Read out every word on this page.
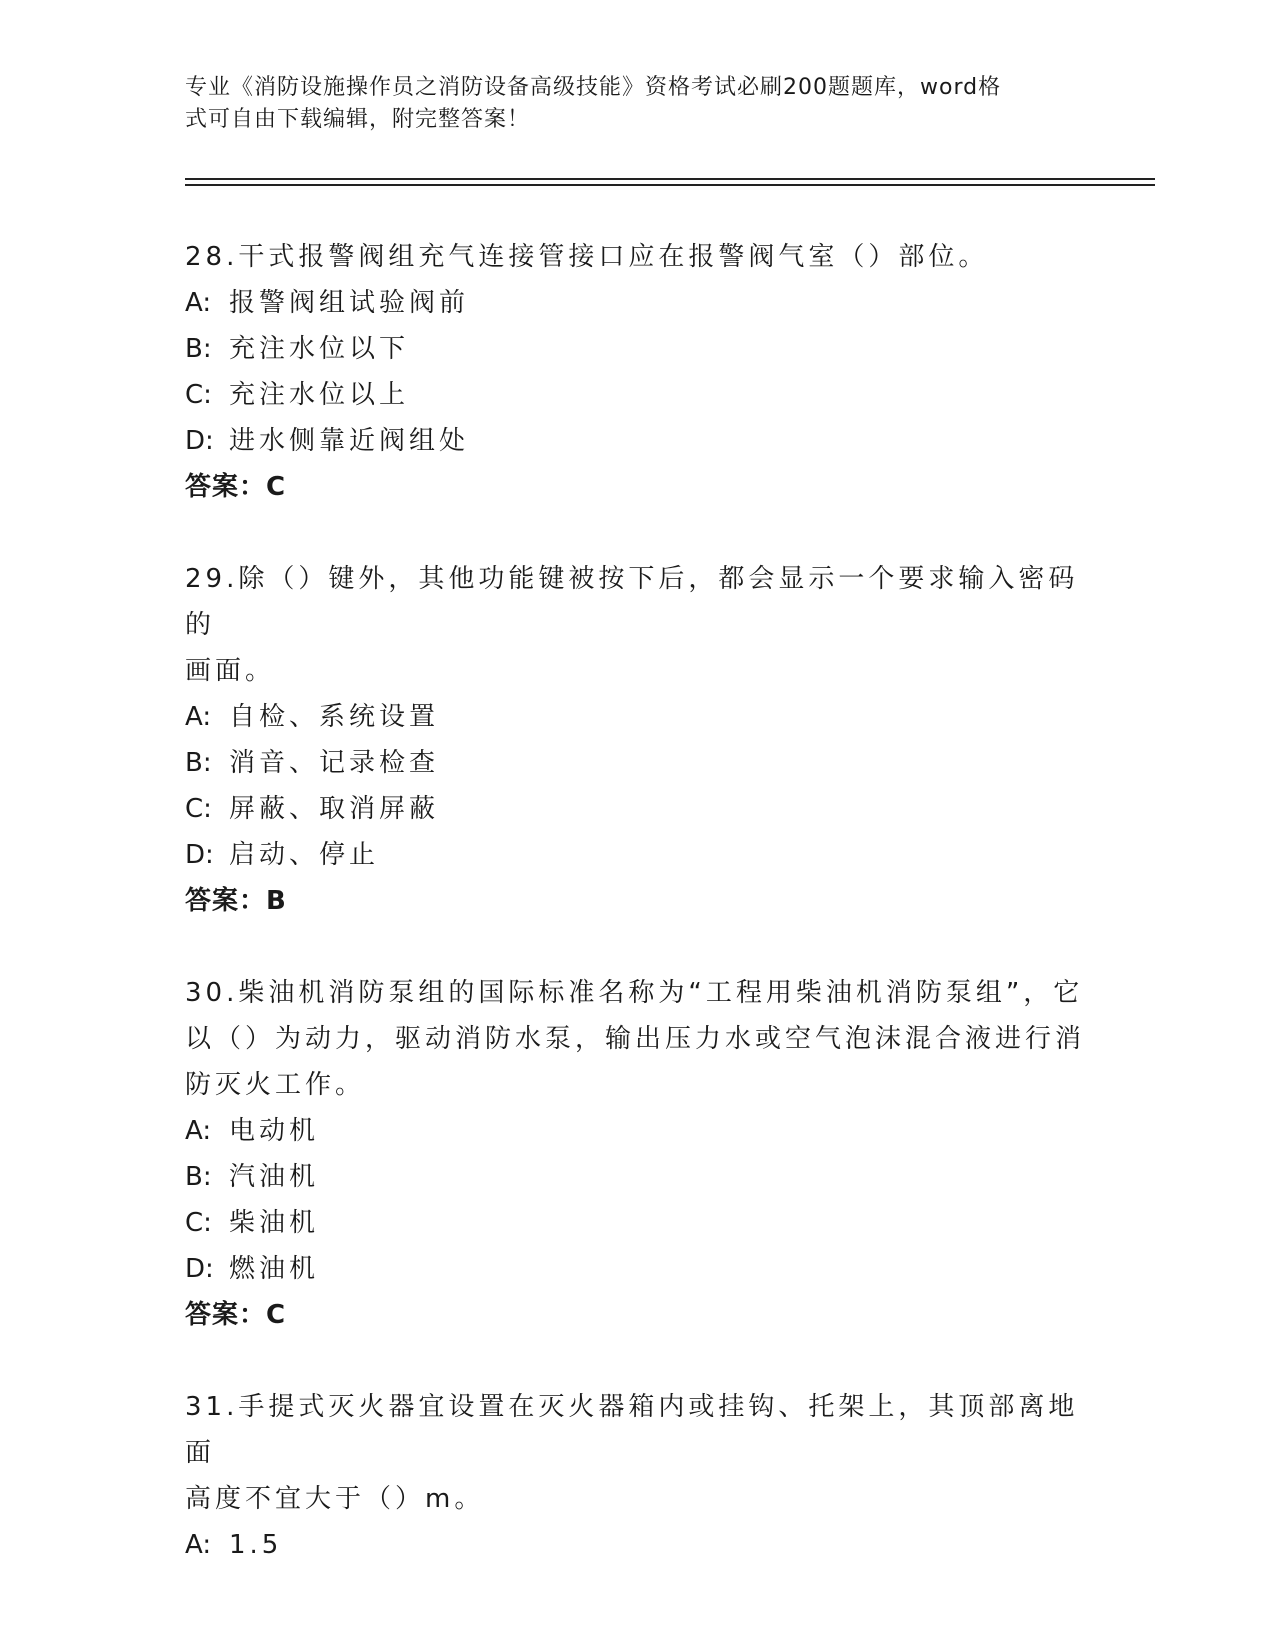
专业《消防设施操作员之消防设备高级技能》资格考试必刷200题题库，word格
式可自由下载编辑，附完整答案！
28.干式报警阀组充气连接管接口应在报警阀气室（）部位。
A: 报警阀组试验阀前
B: 充注水位以下
C: 充注水位以上
D: 进水侧靠近阀组处
答案：C
29.除（）键外，其他功能键被按下后，都会显示一个要求输入密码的
画面。
A: 自检、系统设置
B: 消音、记录检查
C: 屏蔽、取消屏蔽
D: 启动、停止
答案：B
30.柴油机消防泵组的国际标准名称为“工程用柴油机消防泵组”，它
以（）为动力，驱动消防水泵，输出压力水或空气泡沫混合液进行消
防灭火工作。
A: 电动机
B: 汽油机
C: 柴油机
D: 燃油机
答案：C
31.手提式灭火器宜设置在灭火器箱内或挂钩、托架上，其顶部离地面
高度不宜大于（）m。
A: 1.5
